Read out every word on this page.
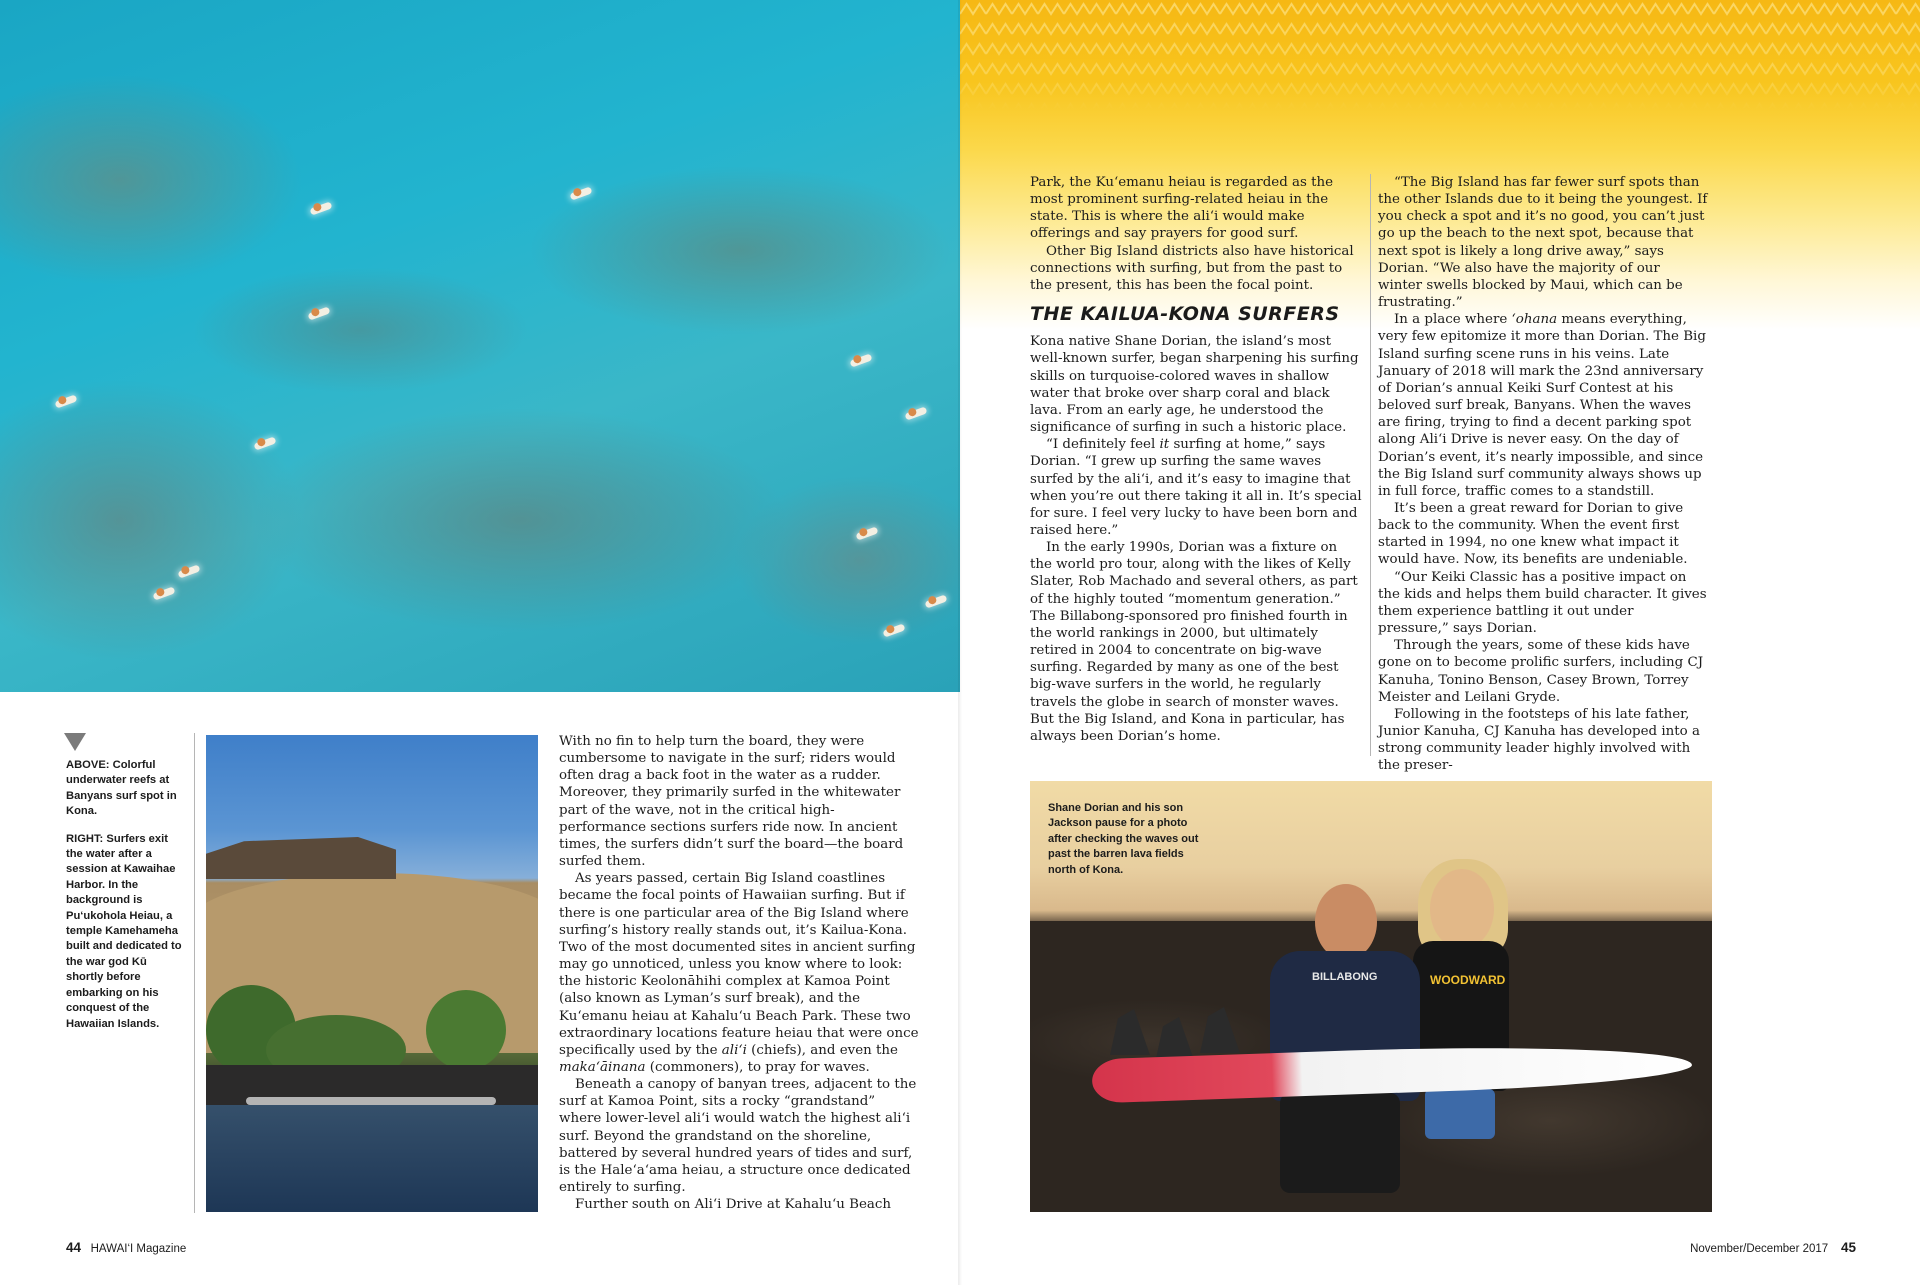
ABOVE: Colorful underwater reefs at Banyans surf spot in Kona.

RIGHT: Surfers exit the water after a session at Kawaihae Harbor. In the background is Pu‘ukohola Heiau, a temple Kamehameha built and dedicated to the war god Kū shortly before embarking on his conquest of the Hawaiian Islands.

With no fin to help turn the board, they were cumbersome to navigate in the surf; riders would often drag a back foot in the water as a rudder. Moreover, they primarily surfed in the whitewater part of the wave, not in the critical high-performance sections surfers ride now. In ancient times, the surfers didn’t surf the board—the board surfed them.

As years passed, certain Big Island coastlines became the focal points of Hawaiian surfing. But if there is one particular area of the Big Island where surfing’s history really stands out, it’s Kailua-Kona. Two of the most documented sites in ancient surfing may go unnoticed, unless you know where to look: the historic Keolonāhihi complex at Kamoa Point (also known as Lyman’s surf break), and the Ku‘emanu heiau at Kahalu‘u Beach Park. These two extraordinary locations feature heiau that were once specifically used by the ali‘i (chiefs), and even the maka‘āinana (commoners), to pray for waves.

Beneath a canopy of banyan trees, adjacent to the surf at Kamoa Point, sits a rocky “grandstand” where lower-level ali‘i would watch the highest ali‘i surf. Beyond the grandstand on the shoreline, battered by several hundred years of tides and surf, is the Hale‘a‘ama heiau, a structure once dedicated entirely to surfing.

Further south on Ali‘i Drive at Kahalu‘u Beach

44 HAWAI‘I Magazine

Park, the Ku‘emanu heiau is regarded as the most prominent surfing-related heiau in the state. This is where the ali‘i would make offerings and say prayers for good surf.

Other Big Island districts also have historical connections with surfing, but from the past to the present, this has been the focal point.

THE KAILUA-KONA SURFERS

Kona native Shane Dorian, the island’s most well-known surfer, began sharpening his surfing skills on turquoise-colored waves in shallow water that broke over sharp coral and black lava. From an early age, he understood the significance of surfing in such a historic place.

“I definitely feel it surfing at home,” says Dorian. “I grew up surfing the same waves surfed by the ali‘i, and it’s easy to imagine that when you’re out there taking it all in. It’s special for sure. I feel very lucky to have been born and raised here.”

In the early 1990s, Dorian was a fixture on the world pro tour, along with the likes of Kelly Slater, Rob Machado and several others, as part of the highly touted “momentum generation.” The Billabong-sponsored pro finished fourth in the world rankings in 2000, but ultimately retired in 2004 to concentrate on big-wave surfing. Regarded by many as one of the best big-wave surfers in the world, he regularly travels the globe in search of monster waves. But the Big Island, and Kona in particular, has always been Dorian’s home.

“The Big Island has far fewer surf spots than the other Islands due to it being the youngest. If you check a spot and it’s no good, you can’t just go up the beach to the next spot, because that next spot is likely a long drive away,” says Dorian. “We also have the majority of our winter swells blocked by Maui, which can be frustrating.”

In a place where ‘ohana means everything, very few epitomize it more than Dorian. The Big Island surfing scene runs in his veins. Late January of 2018 will mark the 23nd anniversary of Dorian’s annual Keiki Surf Contest at his beloved surf break, Banyans. When the waves are firing, trying to find a decent parking spot along Ali‘i Drive is never easy. On the day of Dorian’s event, it’s nearly impossible, and since the Big Island surf community always shows up in full force, traffic comes to a standstill.

It’s been a great reward for Dorian to give back to the community. When the event first started in 1994, no one knew what impact it would have. Now, its benefits are undeniable.

“Our Keiki Classic has a positive impact on the kids and helps them build character. It gives them experience battling it out under pressure,” says Dorian.

Through the years, some of these kids have gone on to become prolific surfers, including CJ Kanuha, Tonino Benson, Casey Brown, Torrey Meister and Leilani Gryde.

Following in the footsteps of his late father, Junior Kanuha, CJ Kanuha has developed into a strong community leader highly involved with the preser-

BILLABONG	WOODWARD
Shane Dorian and his son Jackson pause for a photo after checking the waves out past the barren lava fields north of Kona.
November/December 2017 45
